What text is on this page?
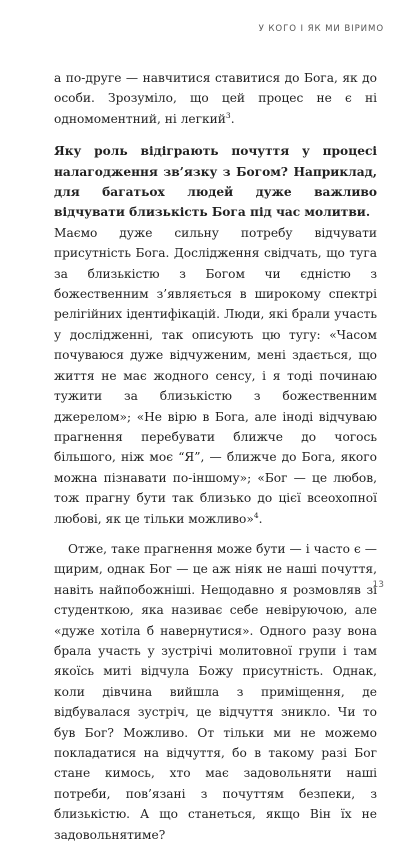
У КОГО І ЯК МИ ВІРИМО

а по-друге — навчитися ставитися до Бога, як до особи. Зрозуміло, що цей процес не є ні одномоментний, ні легкий$^3$.

Яку роль відіграють почуття у процесі налагодження зв’язку з Богом? Наприклад, для багатьох людей дуже важливо відчувати близькість Бога під час молитви.

Маємо дуже сильну потребу відчувати присутність Бога. Дослідження свідчать, що туга за близькістю з Богом чи єдністю з божественним з’являється в широкому спектрі релігійних ідентифікацій. Люди, які брали участь у дослідженні, так описують цю тугу: «Часом почуваюся дуже відчуженим, мені здається, що життя не має жодного сенсу, і я тоді починаю тужити за близькістю з божественним джерелом»; «Не вірю в Бога, але іноді відчуваю прагнення перебувати ближче до чогось більшого, ніж моє “Я”, — ближче до Бога, якого можна пізнавати по-іншому»; «Бог — це любов, тож прагну бути так близько до цієї всеохопної любові, як це тільки можливо»$^4$.

Отже, таке прагнення може бути — і часто є — щирим, однак Бог — це аж ніяк не наші почуття, навіть найпобожніші. Нещодавно я розмовляв зі студенткою, яка називає себе невіруючою, але «дуже хотіла б навернутися». Одного разу вона брала участь у зустрічі молитовної групи і там якоїсь миті відчула Божу присутність. Однак, коли дівчина вийшла з приміщення, де відбувалася зустріч, це відчуття зникло. Чи то був Бог? Можливо. От тільки ми не можемо покладатися на відчуття, бо в такому разі Бог стане кимось, хто має задовольняти наші потреби, пов’язані з почуттям безпеки, з близькістю. А що станеться, якщо Він їх не задовольнятиме?

13
